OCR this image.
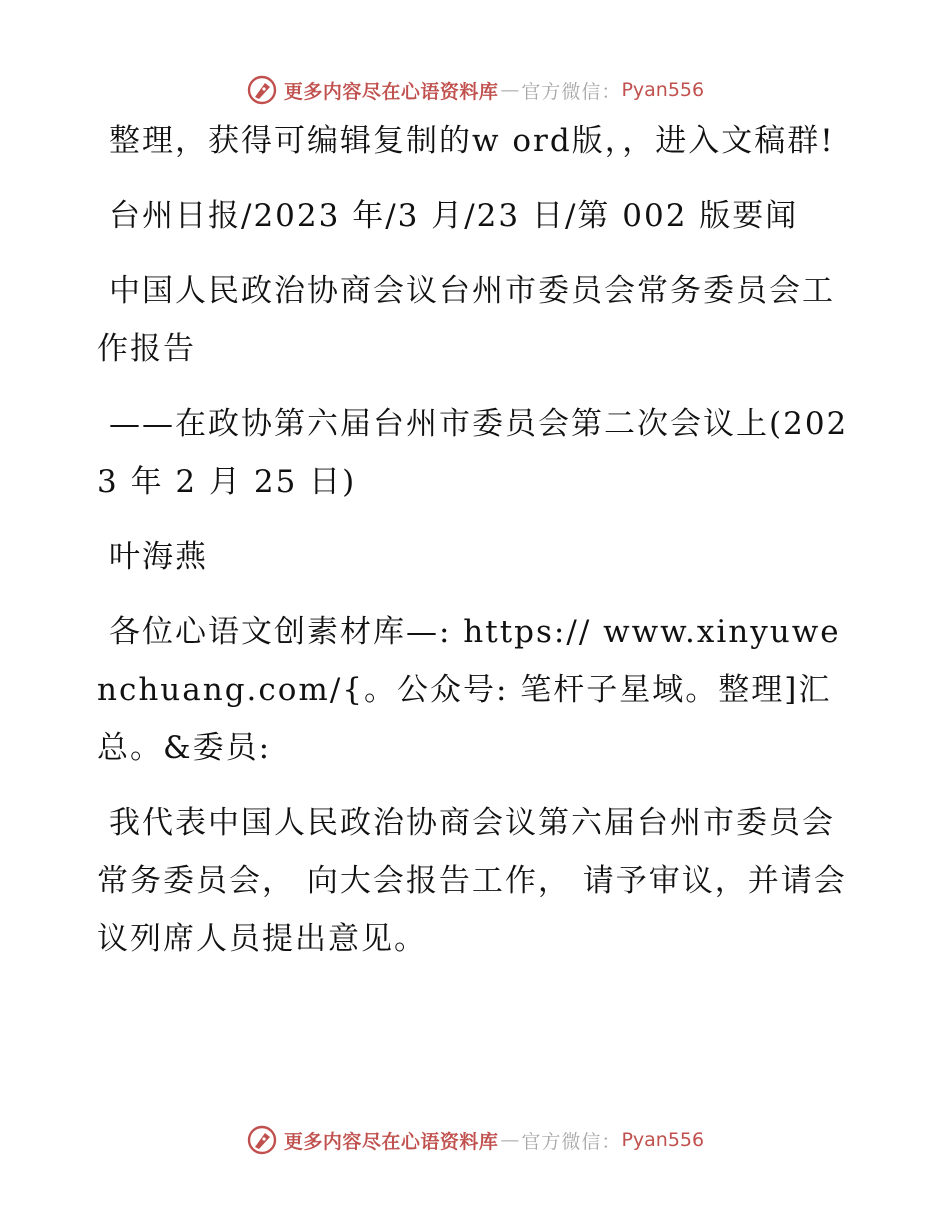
更多内容尽在心语资料库 — 官方微信： Pyan556

整理，获得可编辑复制的w ord版，，进入文稿群!

台州日报/2023 年/3 月/23 日/第 002 版要闻

中国人民政治协商会议台州市委员会常务委员会工作报告

——在政协第六届台州市委员会第二次会议上(2023 年 2 月 25 日)

叶海燕

各位心语文创素材库—: https:// www.xinyuwenchuang.com/{。公众号: 笔杆子星域。整理]汇总。&委员:

我代表中国人民政治协商会议第六届台州市委员会常务委员会， 向大会报告工作， 请予审议，并请会议列席人员提出意见。

更多内容尽在心语资料库 — 官方微信： Pyan556
